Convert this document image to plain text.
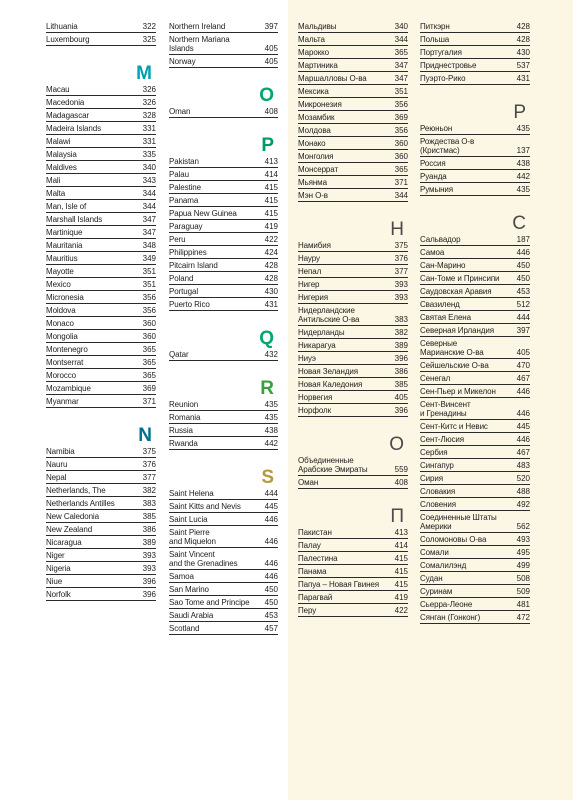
Lithuania	322
Luxembourg	325
M
Macau	326
Macedonia	326
Madagascar	328
Madeira Islands	331
Malawi	331
Malaysia	335
Maldives	340
Mali	343
Malta	344
Man, Isle of	344
Marshall Islands	347
Martinique	347
Mauritania	348
Mauritius	349
Mayotte	351
Mexico	351
Micronesia	356
Moldova	356
Monaco	360
Mongolia	360
Montenegro	365
Montserrat	365
Morocco	365
Mozambique	369
Myanmar	371
N
Namibia	375
Nauru	376
Nepal	377
Netherlands, The	382
Netherlands Antilles	383
New Caledonia	385
New Zealand	386
Nicaragua	389
Niger	393
Nigeria	393
Niue	396
Norfolk	396
Northern Ireland	397
Northern Mariana
Islands	405
Norway	405
O
Oman	408
P
Pakistan	413
Palau	414
Palestine	415
Panama	415
Papua New Guinea	415
Paraguay	419
Peru	422
Philippines	424
Pitcairn Island	428
Poland	428
Portugal	430
Puerto Rico	431
Q
Qatar	432
R
Reunion	435
Romania	435
Russia	438
Rwanda	442
S
Saint Helena	444
Saint Kitts and Nevis	445
Saint Lucia	446
Saint Pierre
and Miquelon	446
Saint Vincent
and the Grenadines	446
Samoa	446
San Marino	450
Sao Tome and Principe	450
Saudi Arabia	453
Scotland	457
Мальдивы	340
Мальта	344
Марокко	365
Мартиника	347
Маршалловы О-ва	347
Мексика	351
Микронезия	356
Мозамбик	369
Молдова	356
Монако	360
Монголия	360
Монсеррат	365
Мьянма	371
Мэн О-в	344
Н
Намибия	375
Науру	376
Непал	377
Нигер	393
Нигерия	393
Нидерландские
Антильские О-ва	383
Нидерланды	382
Никарагуа	389
Ниуэ	396
Новая Зеландия	386
Новая Каледония	385
Норвегия	405
Норфолк	396
О
Объединенные
Арабские Эмираты	559
Оман	408
П
Пакистан	413
Палау	414
Палестина	415
Панама	415
Папуа – Новая Гвинея	415
Парагвай	419
Перу	422
Питкэрн	428
Польша	428
Португалия	430
Приднестровье	537
Пуэрто-Рико	431
Р
Реюньон	435
Рождества О-в (Кристмас)	137
Россия	438
Руанда	442
Румыния	435
С
Сальвадор	187
Самоа	446
Сан-Марино	450
Сан-Томе и Принсипи	450
Саудовская Аравия	453
Свазиленд	512
Святая Елена	444
Северная Ирландия	397
Северные
Марианские О-ва	405
Сейшельские О-ва	470
Сенегал	467
Сен-Пьер и Микелон	446
Сент-Винсент
и Гренадины	446
Сент-Китс и Невис	445
Сент-Люсия	446
Сербия	467
Сингапур	483
Сирия	520
Словакия	488
Словения	492
Соединенные Штаты
Америки	562
Соломоновы О-ва	493
Сомали	495
Сомалилэнд	499
Судан	508
Суринам	509
Сьерра-Леоне	481
Сянган (Гонконг)	472
